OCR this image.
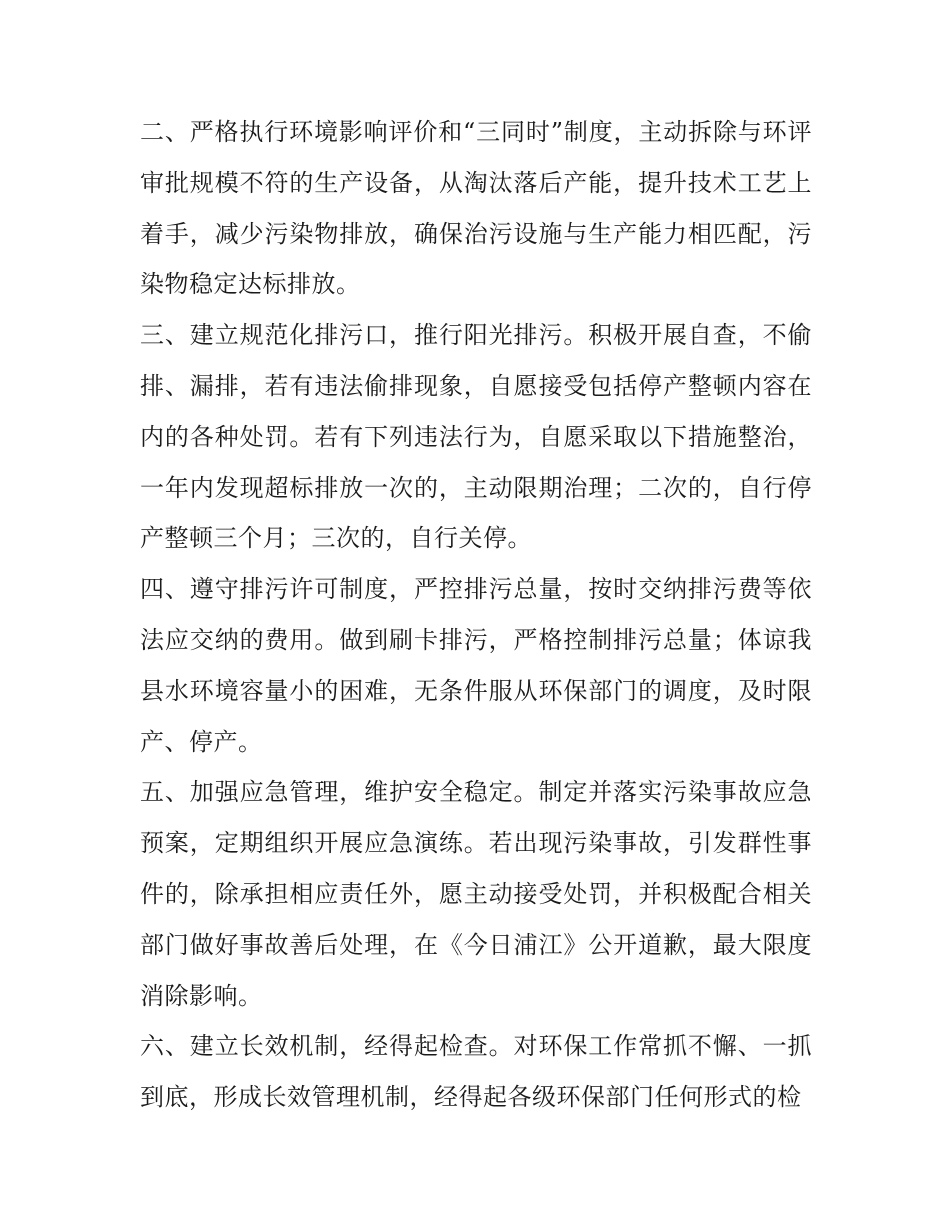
二、严格执行环境影响评价和“三同时”制度，主动拆除与环评审批规模不符的生产设备，从淘汰落后产能，提升技术工艺上着手，减少污染物排放，确保治污设施与生产能力相匹配，污染物稳定达标排放。

三、建立规范化排污口，推行阳光排污。积极开展自查，不偷排、漏排，若有违法偷排现象，自愿接受包括停产整顿内容在内的各种处罚。若有下列违法行为，自愿采取以下措施整治，一年内发现超标排放一次的，主动限期治理；二次的，自行停产整顿三个月；三次的，自行关停。

四、遵守排污许可制度，严控排污总量，按时交纳排污费等依法应交纳的费用。做到刷卡排污，严格控制排污总量；体谅我县水环境容量小的困难，无条件服从环保部门的调度，及时限产、停产。

五、加强应急管理，维护安全稳定。制定并落实污染事故应急预案，定期组织开展应急演练。若出现污染事故，引发群性事件的，除承担相应责任外，愿主动接受处罚，并积极配合相关部门做好事故善后处理，在《今日浦江》公开道歉，最大限度消除影响。

六、建立长效机制，经得起检查。对环保工作常抓不懈、一抓到底，形成长效管理机制，经得起各级环保部门任何形式的检
